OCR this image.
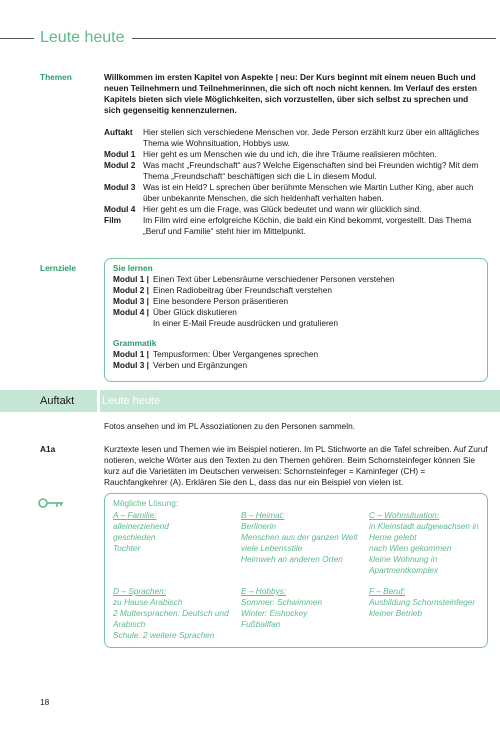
Leute heute
Themen	Willkommen im ersten Kapitel von Aspekte | neu: Der Kurs beginnt mit einem neuen Buch und neuen Teilnehmern und Teilnehmerinnen, die sich oft noch nicht kennen. Im Verlauf des ersten Kapitels bieten sich viele Möglichkeiten, sich vorzustellen, über sich selbst zu sprechen und sich gegenseitig kennenzulernen.
Auftakt	Hier stellen sich verschiedene Menschen vor. Jede Person erzählt kurz über ein alltägliches Thema wie Wohnsituation, Hobbys usw.
Modul 1 Hier geht es um Menschen wie du und ich, die ihre Träume realisieren möchten.
Modul 2 Was macht „Freundschaft“ aus? Welche Eigenschaften sind bei Freunden wichtig? Mit dem Thema „Freundschaft“ beschäftigen sich die L in diesem Modul.
Modul 3 Was ist ein Held? L sprechen über berühmte Menschen wie Martin Luther King, aber auch über unbekannte Menschen, die sich heldenhaft verhalten haben.
Modul 4 Hier geht es um die Frage, was Glück bedeutet und wann wir glücklich sind.
Film	Im Film wird eine erfolgreiche Köchin, die bald ein Kind bekommt, vorgestellt. Das Thema „Beruf und Familie“ steht hier im Mittelpunkt.
Lernziele	Sie lernen
Modul 1 | Einen Text über Lebensräume verschiedener Personen verstehen
Modul 2 | Einen Radiobeitrag über Freundschaft verstehen
Modul 3 | Eine besondere Person präsentieren
Modul 4 | Über Glück diskutieren
In einer E-Mail Freude ausdrücken und gratulieren
Grammatik
Modul 1 | Tempusformen: Über Vergangenes sprechen
Modul 3 | Verben und Ergänzungen
Auftakt	Leute heute
Fotos ansehen und im PL Assoziationen zu den Personen sammeln.
A1a	Kurztexte lesen und Themen wie im Beispiel notieren. Im PL Stichworte an die Tafel schreiben. Auf Zuruf notieren, welche Wörter aus den Texten zu den Themen gehören. Beim Schornsteinfeger können Sie kurz auf die Varietäten im Deutschen verweisen: Schornsteinfeger = Kaminfeger (CH) = Rauchfangkehrer (A). Erklären Sie den L, dass das nur ein Beispiel von vielen ist.
Mögliche Lösung:
A – Familie:
alleinerziehend
geschieden
Tochter
B – Heimat:
Berlinerin
Menschen aus der ganzen Welt
viele Lebensstile
Heimweh an anderen Orten
C – Wohnsituation:
in Kleinstadt aufgewachsen in
Herne gelebt
nach Wien gekommen
kleine Wohnung in
Apartmentkomplex
D – Sprachen:
zu Hause Arabisch
2 Muttersprachen: Deutsch und
Arabisch
Schule: 2 weitere Sprachen
E – Hobbys:
Sommer: Schwimmen
Winter: Eishockey
Fußballfan
F – Beruf:
Ausbildung Schornsteinfeger
kleiner Betrieb
18
